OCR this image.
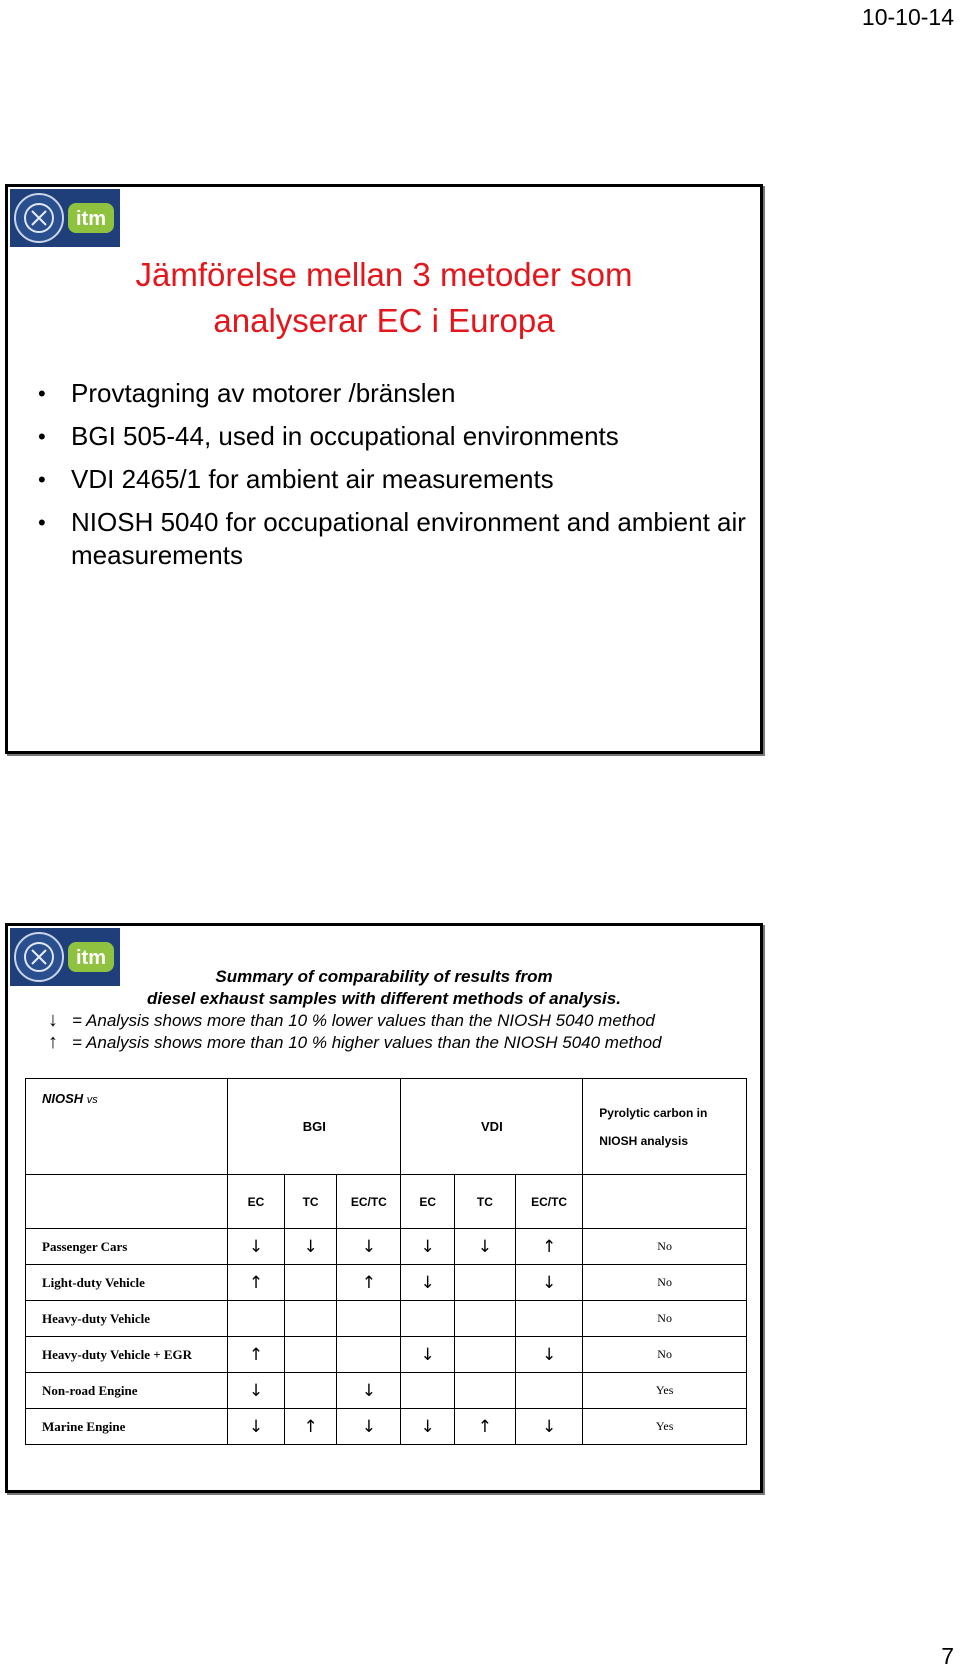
10-10-14
itm
Jämförelse mellan 3 metoder som
analyserar EC i Europa
• Provtagning av motorer /bränslen
• BGI 505-44, used in occupational environments
• VDI 2465/1 for ambient air measurements
• NIOSH 5040 for occupational environment and ambient air measurements
itm
Summary of comparability of results from
diesel exhaust samples with different methods of analysis.
↓ = Analysis shows more than 10 % lower values than the NIOSH 5040 method
↑ = Analysis shows more than 10 % higher values than the NIOSH 5040 method
NIOSH vs	BGI			VDI			Pyrolytic carbon in
NIOSH analysis

	EC	TC	EC/TC	EC	TC	EC/TC	
Passenger Cars	↓	↓	↓	↓	↓	↑	No
Light-duty Vehicle	↑		↑	↓		↓	No
Heavy-duty Vehicle							No
Heavy-duty Vehicle + EGR	↑			↓		↓	No
Non-road Engine	↓		↓				Yes
Marine Engine	↓	↑	↓	↓	↑	↓	Yes
7
